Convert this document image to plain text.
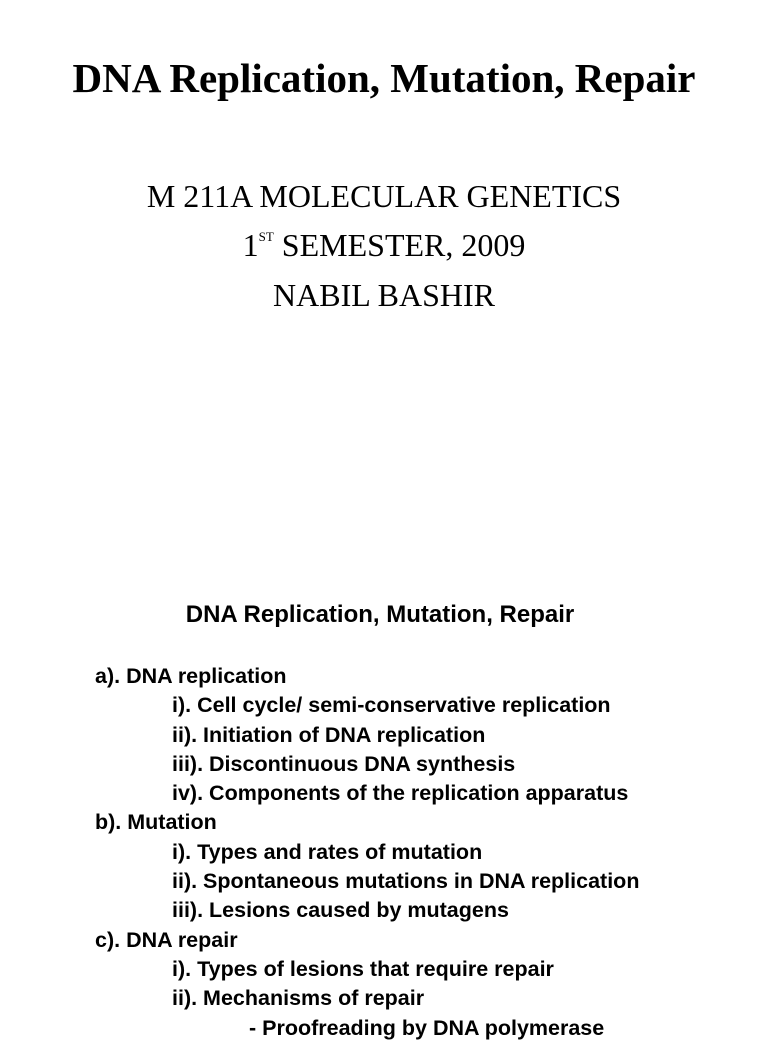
DNA Replication, Mutation, Repair

M 211A MOLECULAR GENETICS

1ST SEMESTER, 2009

NABIL BASHIR

DNA Replication, Mutation, Repair
a). DNA replication
i). Cell cycle/ semi-conservative replication
ii). Initiation of DNA replication
iii). Discontinuous DNA synthesis
iv). Components of the replication apparatus
b). Mutation
i). Types and rates of mutation
ii). Spontaneous mutations in DNA replication
iii). Lesions caused by mutagens
c). DNA repair
i). Types of lesions that require repair
ii). Mechanisms of repair
- Proofreading by DNA polymerase
